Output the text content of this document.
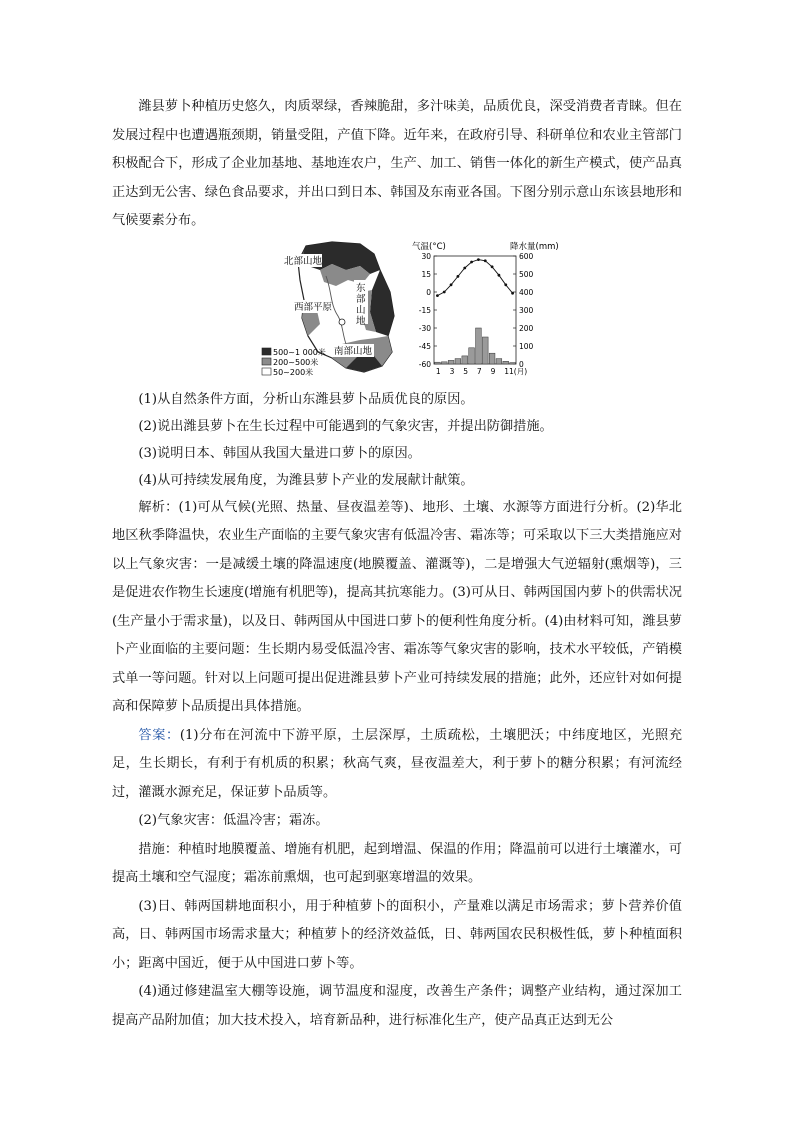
潍县萝卜种植历史悠久，肉质翠绿，香辣脆甜，多汁味美，品质优良，深受消费者青睐。但在发展过程中也遭遇瓶颈期，销量受阻，产值下降。近年来，在政府引导、科研单位和农业主管部门积极配合下，形成了企业加基地、基地连农户，生产、加工、销售一体化的新生产模式，使产品真正达到无公害、绿色食品要求，并出口到日本、韩国及东南亚各国。下图分别示意山东该县地形和气候要素分布。

北部山地
西部平原
东 部 山 地
南部山地
500~1 000米
200~500米
50~200米
气温(°C)	降水量(mm)
30
15
0
-15
-30
-45
-60
600
500
400
300
200
100
0
1 3 5 7 9 11(月)

(1)从自然条件方面，分析山东潍县萝卜品质优良的原因。

(2)说出潍县萝卜在生长过程中可能遇到的气象灾害，并提出防御措施。

(3)说明日本、韩国从我国大量进口萝卜的原因。

(4)从可持续发展角度，为潍县萝卜产业的发展献计献策。

解析：(1)可从气候(光照、热量、昼夜温差等)、地形、土壤、水源等方面进行分析。(2)华北地区秋季降温快，农业生产面临的主要气象灾害有低温冷害、霜冻等；可采取以下三大类措施应对以上气象灾害：一是减缓土壤的降温速度(地膜覆盖、灌溉等)，二是增强大气逆辐射(熏烟等)，三是促进农作物生长速度(增施有机肥等)，提高其抗寒能力。(3)可从日、韩两国国内萝卜的供需状况(生产量小于需求量)，以及日、韩两国从中国进口萝卜的便利性角度分析。(4)由材料可知，潍县萝卜产业面临的主要问题：生长期内易受低温冷害、霜冻等气象灾害的影响，技术水平较低，产销模式单一等问题。针对以上问题可提出促进潍县萝卜产业可持续发展的措施；此外，还应针对如何提高和保障萝卜品质提出具体措施。

答案：(1)分布在河流中下游平原，土层深厚，土质疏松，土壤肥沃；中纬度地区，光照充足，生长期长，有利于有机质的积累；秋高气爽，昼夜温差大，利于萝卜的糖分积累；有河流经过，灌溉水源充足，保证萝卜品质等。

(2)气象灾害：低温冷害；霜冻。

措施：种植时地膜覆盖、增施有机肥，起到增温、保温的作用；降温前可以进行土壤灌水，可提高土壤和空气湿度；霜冻前熏烟，也可起到驱寒增温的效果。

(3)日、韩两国耕地面积小，用于种植萝卜的面积小，产量难以满足市场需求；萝卜营养价值高，日、韩两国市场需求量大；种植萝卜的经济效益低，日、韩两国农民积极性低，萝卜种植面积小；距离中国近，便于从中国进口萝卜等。

(4)通过修建温室大棚等设施，调节温度和湿度，改善生产条件；调整产业结构，通过深加工提高产品附加值；加大技术投入，培育新品种，进行标准化生产，使产品真正达到无公
